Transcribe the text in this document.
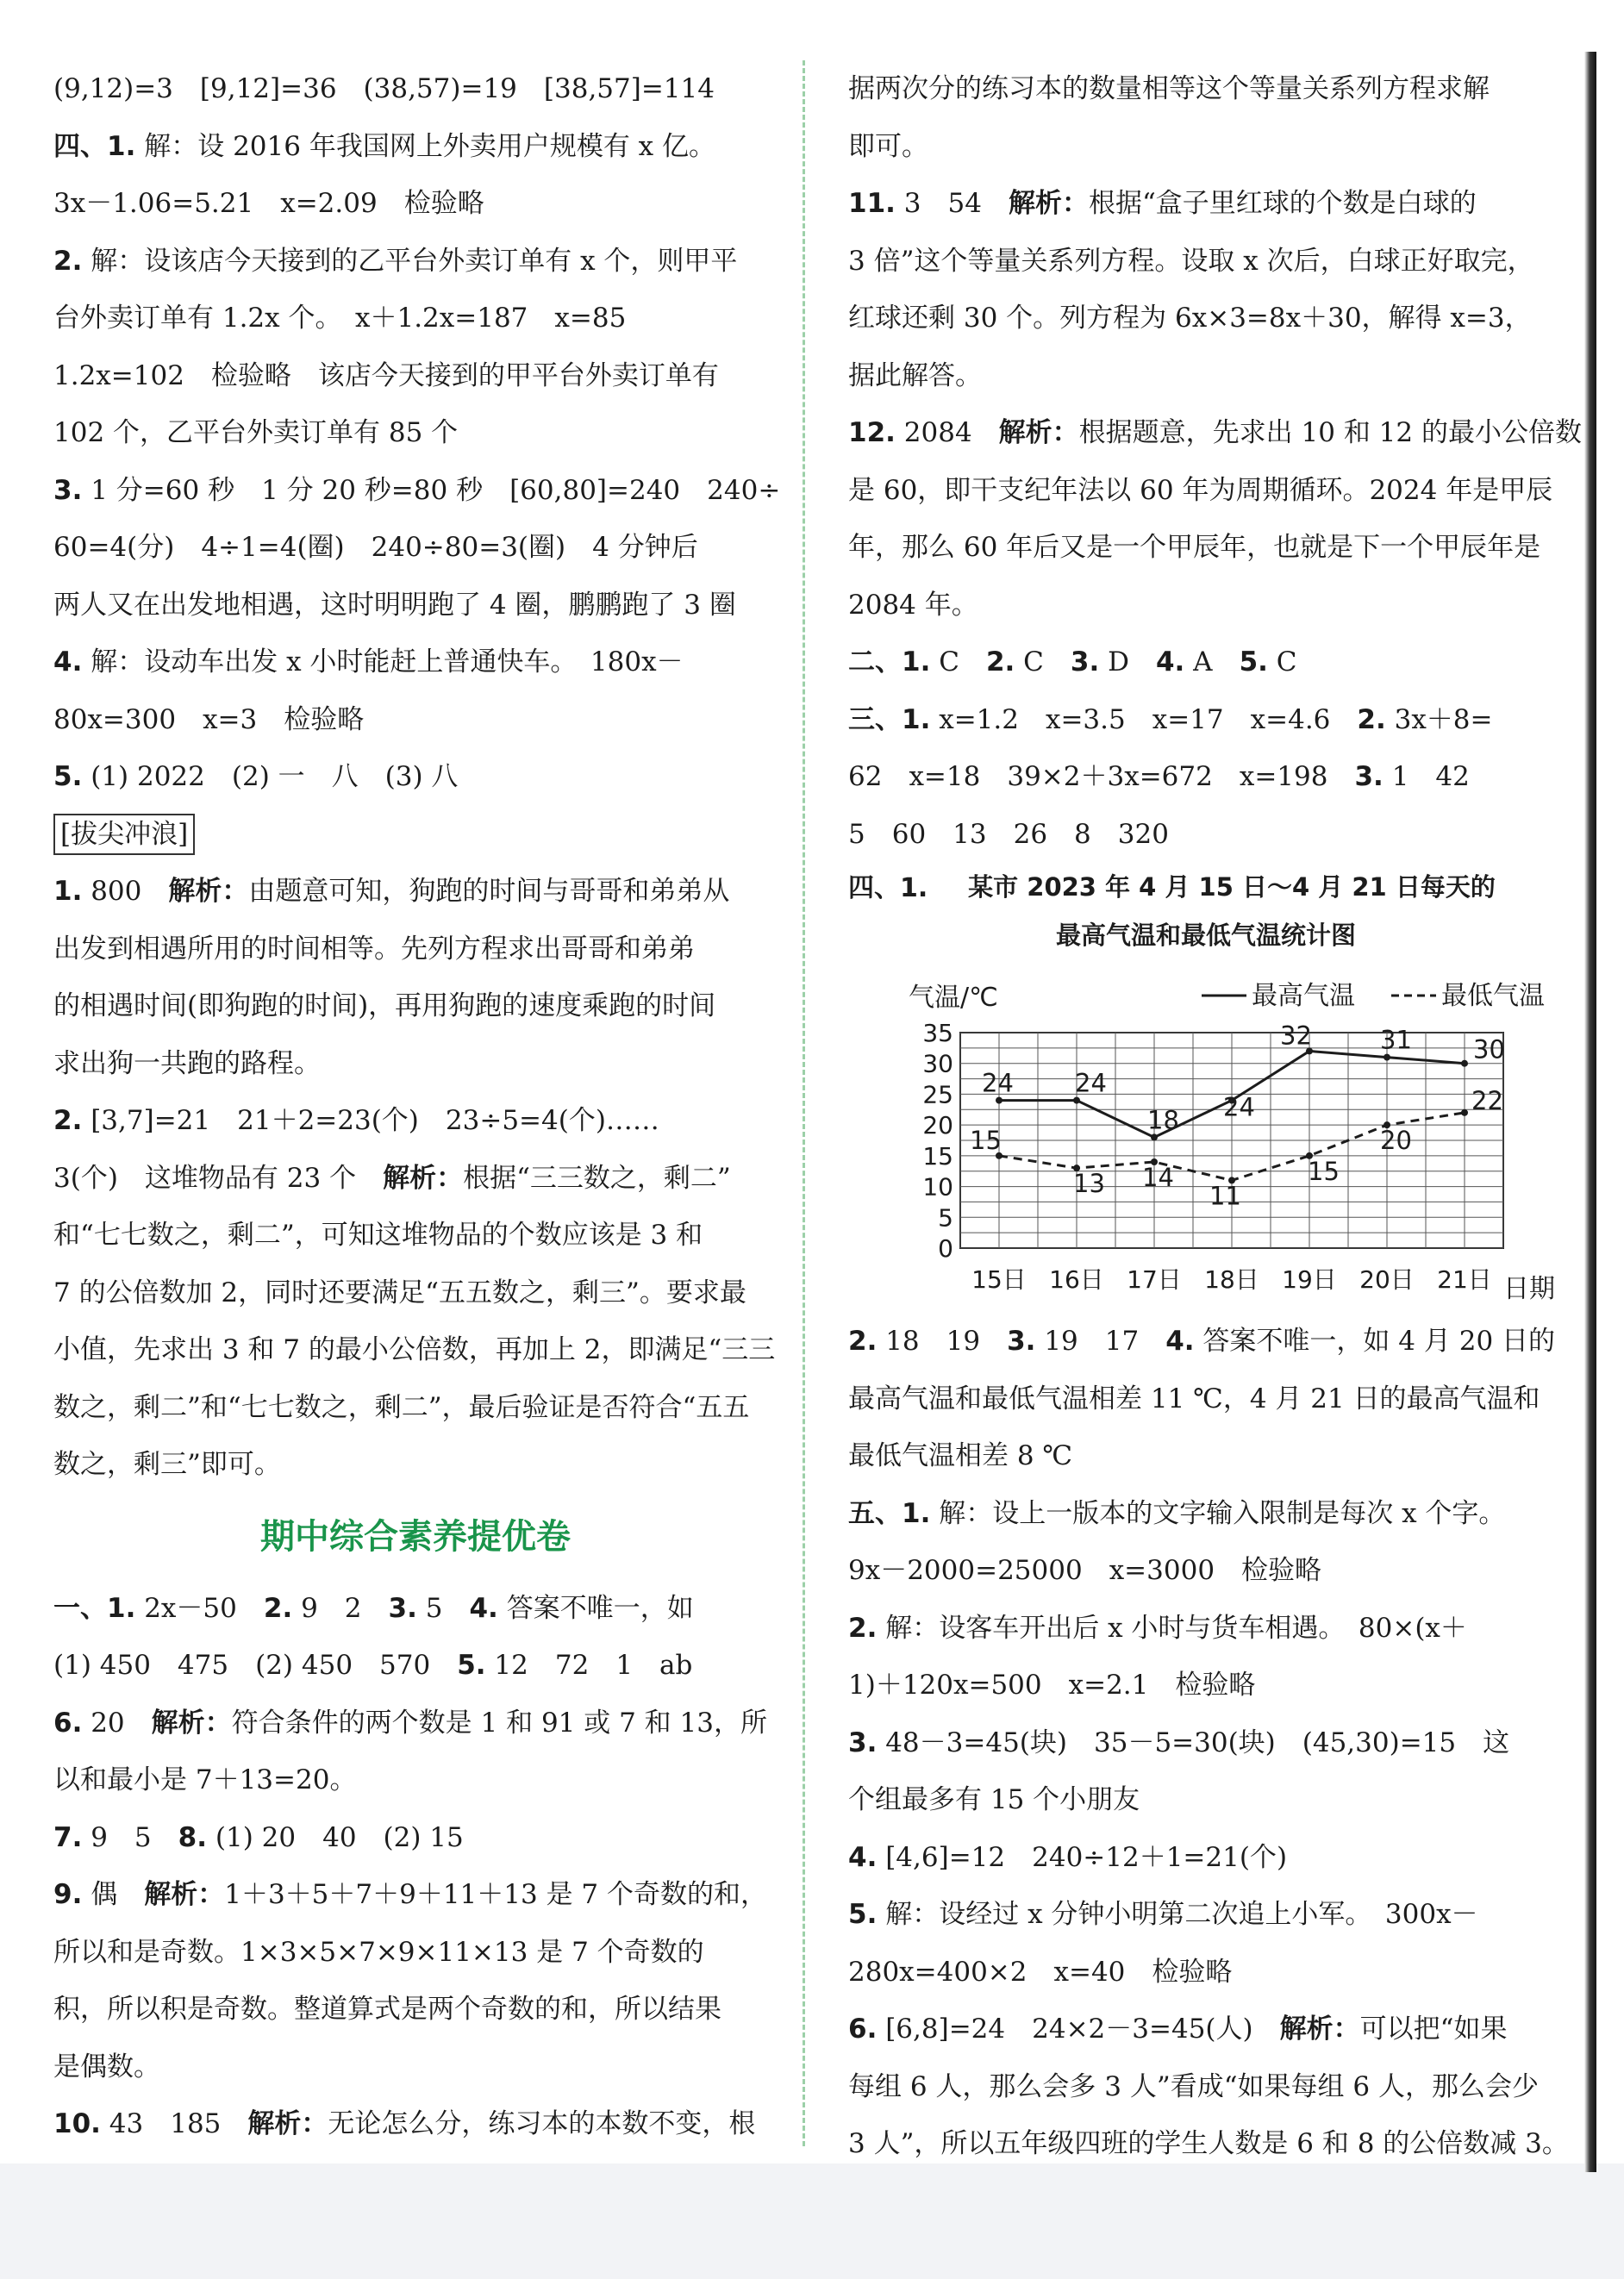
(9,12)=3　[9,12]=36　(38,57)=19　[38,57]=114
四、1. 解：设 2016 年我国网上外卖用户规模有 x 亿。
3x－1.06=5.21　x=2.09　检验略
2. 解：设该店今天接到的乙平台外卖订单有 x 个，则甲平
台外卖订单有 1.2x 个。　x＋1.2x=187　x=85
1.2x=102　检验略　该店今天接到的甲平台外卖订单有
102 个，乙平台外卖订单有 85 个
3. 1 分=60 秒　1 分 20 秒=80 秒　[60,80]=240　240÷
60=4(分)　4÷1=4(圈)　240÷80=3(圈)　4 分钟后
两人又在出发地相遇，这时明明跑了 4 圈，鹏鹏跑了 3 圈
4. 解：设动车出发 x 小时能赶上普通快车。　180x－
80x=300　x=3　检验略
5. (1) 2022　(2) 一　八　(3) 八
[拔尖冲浪]
1. 800　解析：由题意可知，狗跑的时间与哥哥和弟弟从
出发到相遇所用的时间相等。先列方程求出哥哥和弟弟
的相遇时间(即狗跑的时间)，再用狗跑的速度乘跑的时间
求出狗一共跑的路程。
2. [3,7]=21　21＋2=23(个)　23÷5=4(个)……
3(个)　这堆物品有 23 个　解析：根据“三三数之，剩二”
和“七七数之，剩二”，可知这堆物品的个数应该是 3 和
7 的公倍数加 2，同时还要满足“五五数之，剩三”。要求最
小值，先求出 3 和 7 的最小公倍数，再加上 2，即满足“三三
数之，剩二”和“七七数之，剩二”，最后验证是否符合“五五
数之，剩三”即可。
期中综合素养提优卷
一、1. 2x－50　2. 9　2　3. 5　4. 答案不唯一，如
(1) 450　475　(2) 450　570　5. 12　72　1　ab
6. 20　解析：符合条件的两个数是 1 和 91 或 7 和 13，所
以和最小是 7＋13=20。
7. 9　5　8. (1) 20　40　(2) 15
9. 偶　解析：1＋3＋5＋7＋9＋11＋13 是 7 个奇数的和，
所以和是奇数。1×3×5×7×9×11×13 是 7 个奇数的
积，所以积是奇数。整道算式是两个奇数的和，所以结果
是偶数。
10. 43　185　解析：无论怎么分，练习本的本数不变，根
据两次分的练习本的数量相等这个等量关系列方程求解
即可。
11. 3　54　解析：根据“盒子里红球的个数是白球的
3 倍”这个等量关系列方程。设取 x 次后，白球正好取完，
红球还剩 30 个。列方程为 6x×3=8x＋30，解得 x=3，
据此解答。
12. 2084　解析：根据题意，先求出 10 和 12 的最小公倍数
是 60，即干支纪年法以 60 年为周期循环。2024 年是甲辰
年，那么 60 年后又是一个甲辰年，也就是下一个甲辰年是
2084 年。
二、1. C　2. C　3. D　4. A　5. C
三、1. x=1.2　x=3.5　x=17　x=4.6　2. 3x＋8=
62　x=18　39×2＋3x=672　x=198　3. 1　42
5　60　13　26　8　320
四、1.	某市 2023 年 4 月 15 日～4 月 21 日每天的
最高气温和最低气温统计图
气温/℃
日期
最高气温	最低气温
0
5
10
15
20
25
30
35
15日 16日 17日 18日 19日 20日 21日
24 24
18 24
32	31 30
15
13 14
11
15
20
22
2. 18　19　3. 19　17　4. 答案不唯一，如 4 月 20 日的
最高气温和最低气温相差 11 ℃，4 月 21 日的最高气温和
最低气温相差 8 ℃
五、1. 解：设上一版本的文字输入限制是每次 x 个字。
9x－2000=25000　x=3000　检验略
2. 解：设客车开出后 x 小时与货车相遇。　80×(x＋
1)＋120x=500　x=2.1　检验略
3. 48－3=45(块)　35－5=30(块)　(45,30)=15　这
个组最多有 15 个小朋友
4. [4,6]=12　240÷12＋1=21(个)
5. 解：设经过 x 分钟小明第二次追上小军。　300x－
280x=400×2　x=40　检验略
6. [6,8]=24　24×2－3=45(人)　解析：可以把“如果
每组 6 人，那么会多 3 人”看成“如果每组 6 人，那么会少
3 人”，所以五年级四班的学生人数是 6 和 8 的公倍数减 3。
